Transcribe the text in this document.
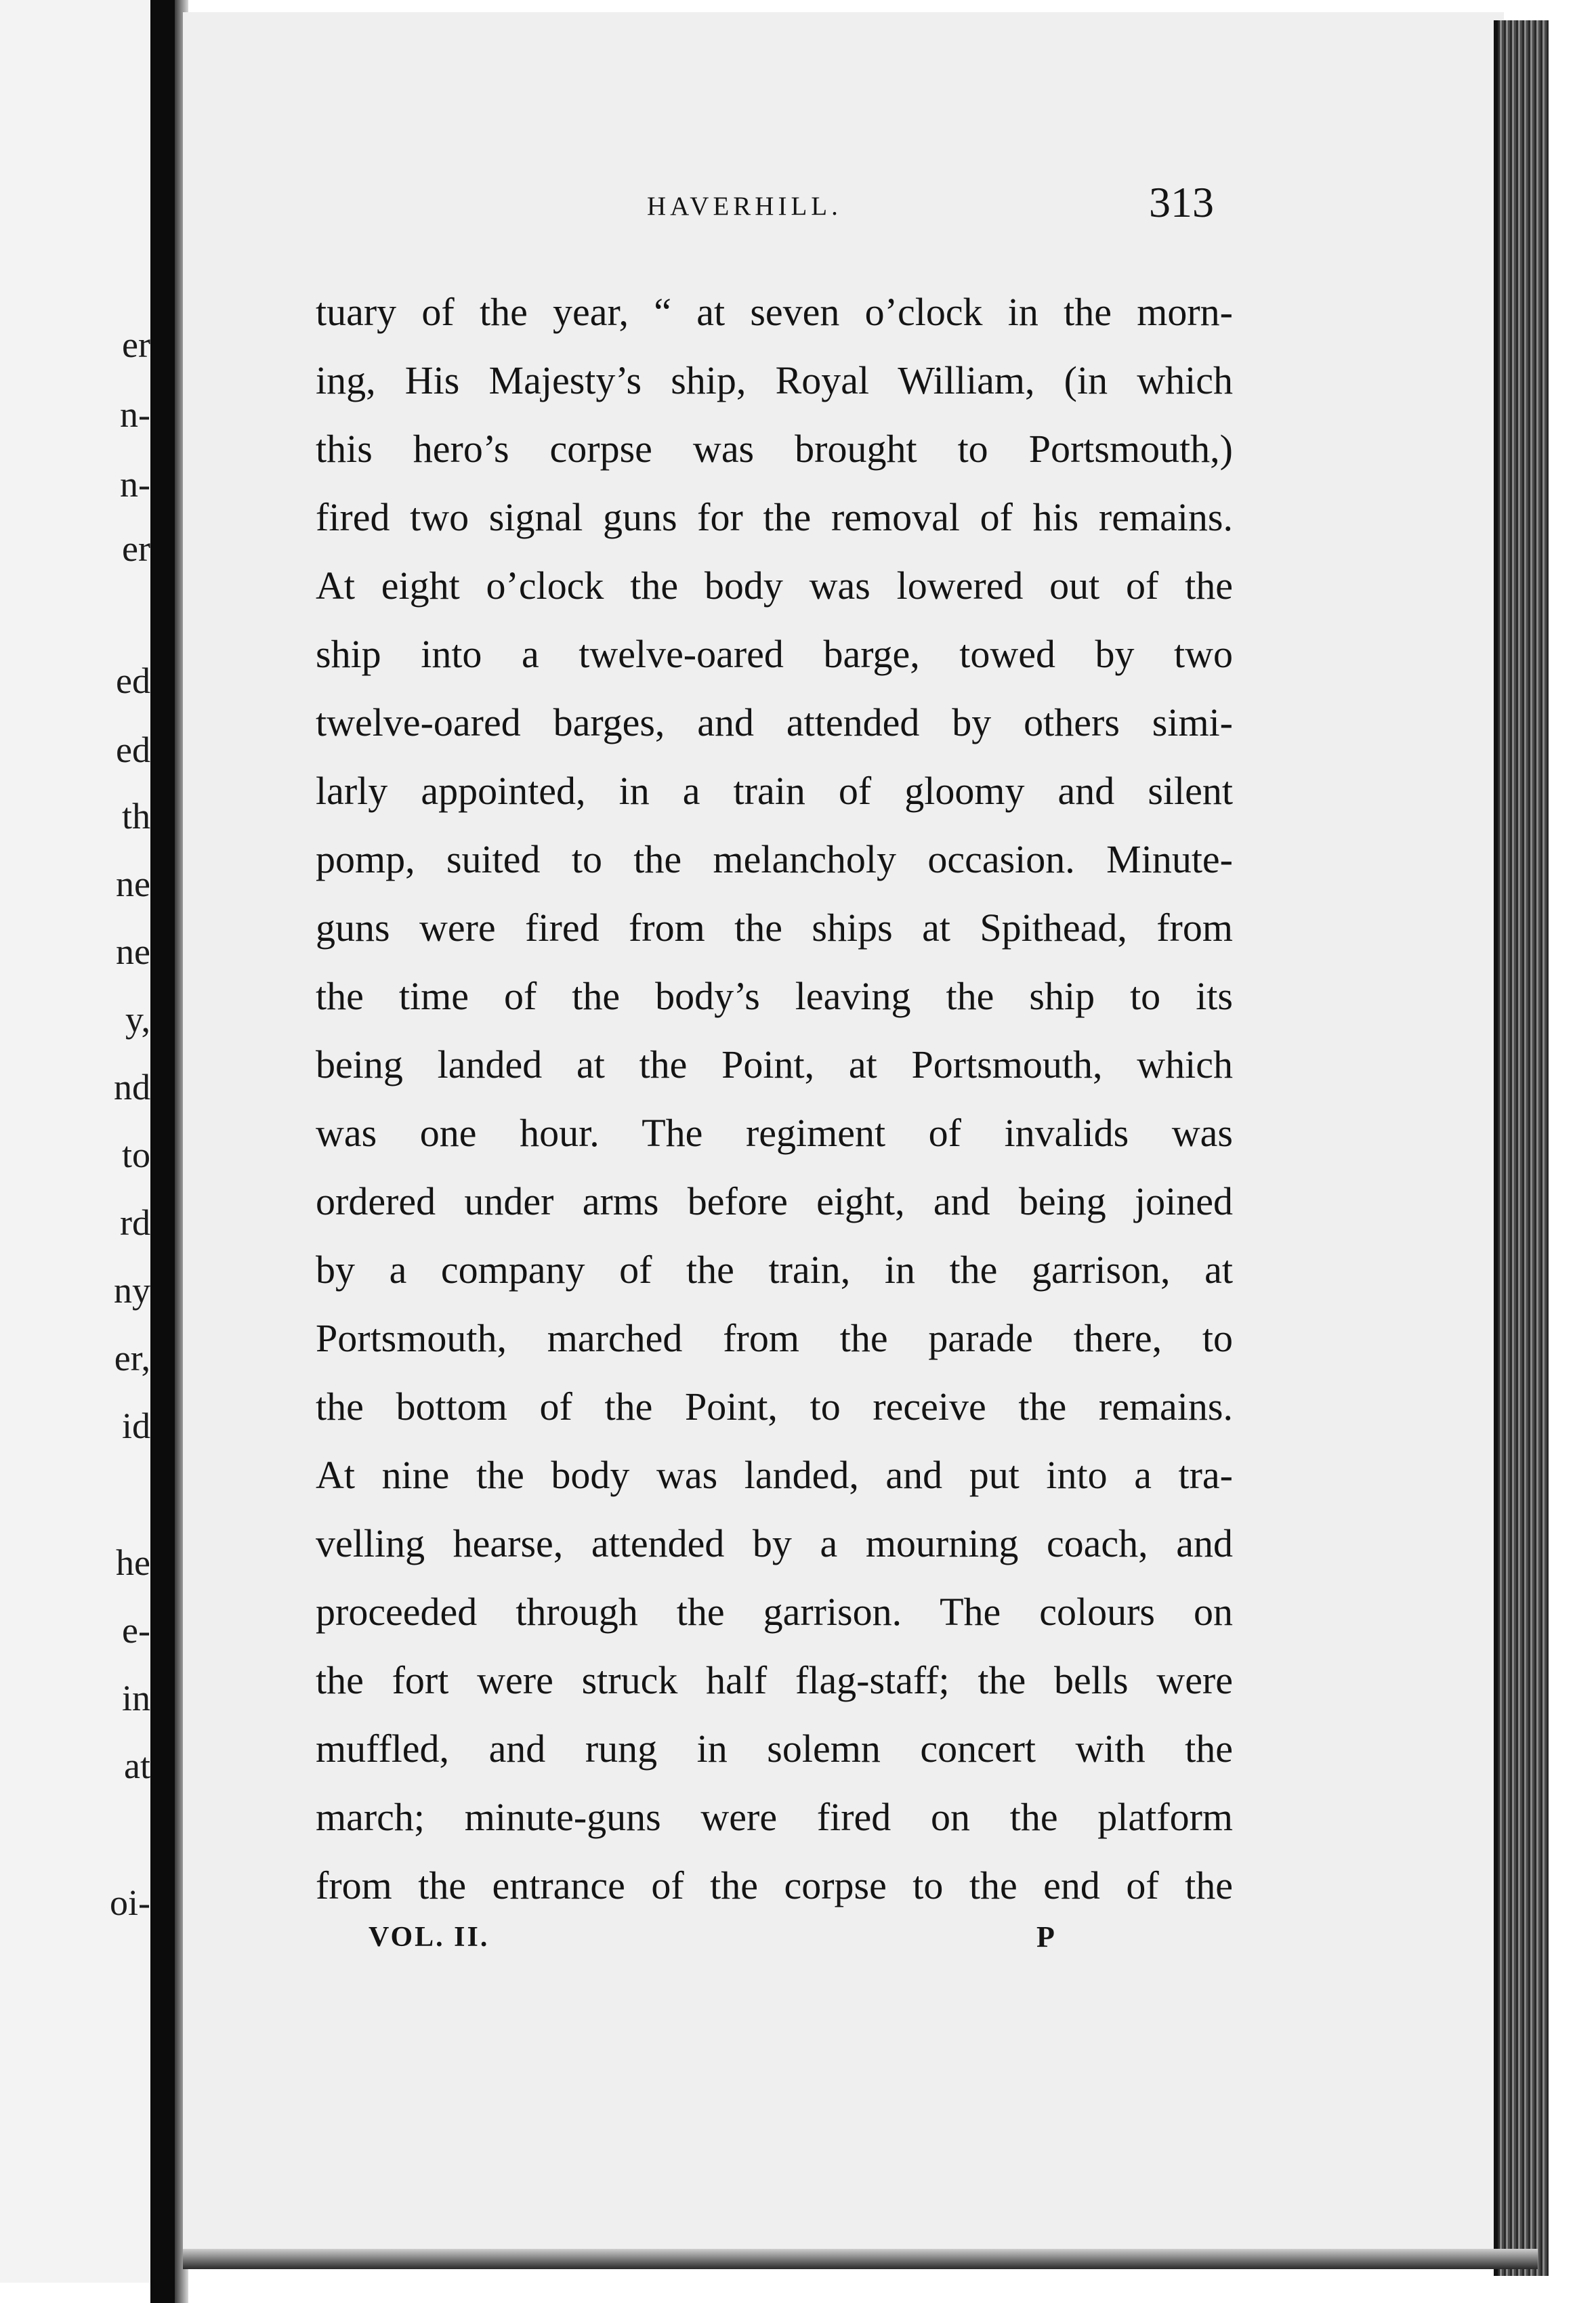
er
n-
n-
er
ed
ed
th
ne
ne
y,
nd
to
rd
ny
er,
id
he
e-
in
at
oi-
HAVERHILL.	313
tuary of the year, “ at seven o’clock in the morn-
ing, His Majesty’s ship, Royal William, (in which
this hero’s corpse was brought to Portsmouth,)
fired two signal guns for the removal of his remains.
At eight o’clock the body was lowered out of the
ship into a twelve-oared barge, towed by two
twelve-oared barges, and attended by others simi-
larly appointed, in a train of gloomy and silent
pomp, suited to the melancholy occasion. Minute-
guns were fired from the ships at Spithead, from
the time of the body’s leaving the ship to its
being landed at the Point, at Portsmouth, which
was one hour. The regiment of invalids was
ordered under arms before eight, and being joined
by a company of the train, in the garrison, at
Portsmouth, marched from the parade there, to
the bottom of the Point, to receive the remains.
At nine the body was landed, and put into a tra-
velling hearse, attended by a mourning coach, and
proceeded through the garrison. The colours on
the fort were struck half flag-staff; the bells were
muffled, and rung in solemn concert with the
march; minute-guns were fired on the platform
from the entrance of the corpse to the end of the
VOL. II.	P
